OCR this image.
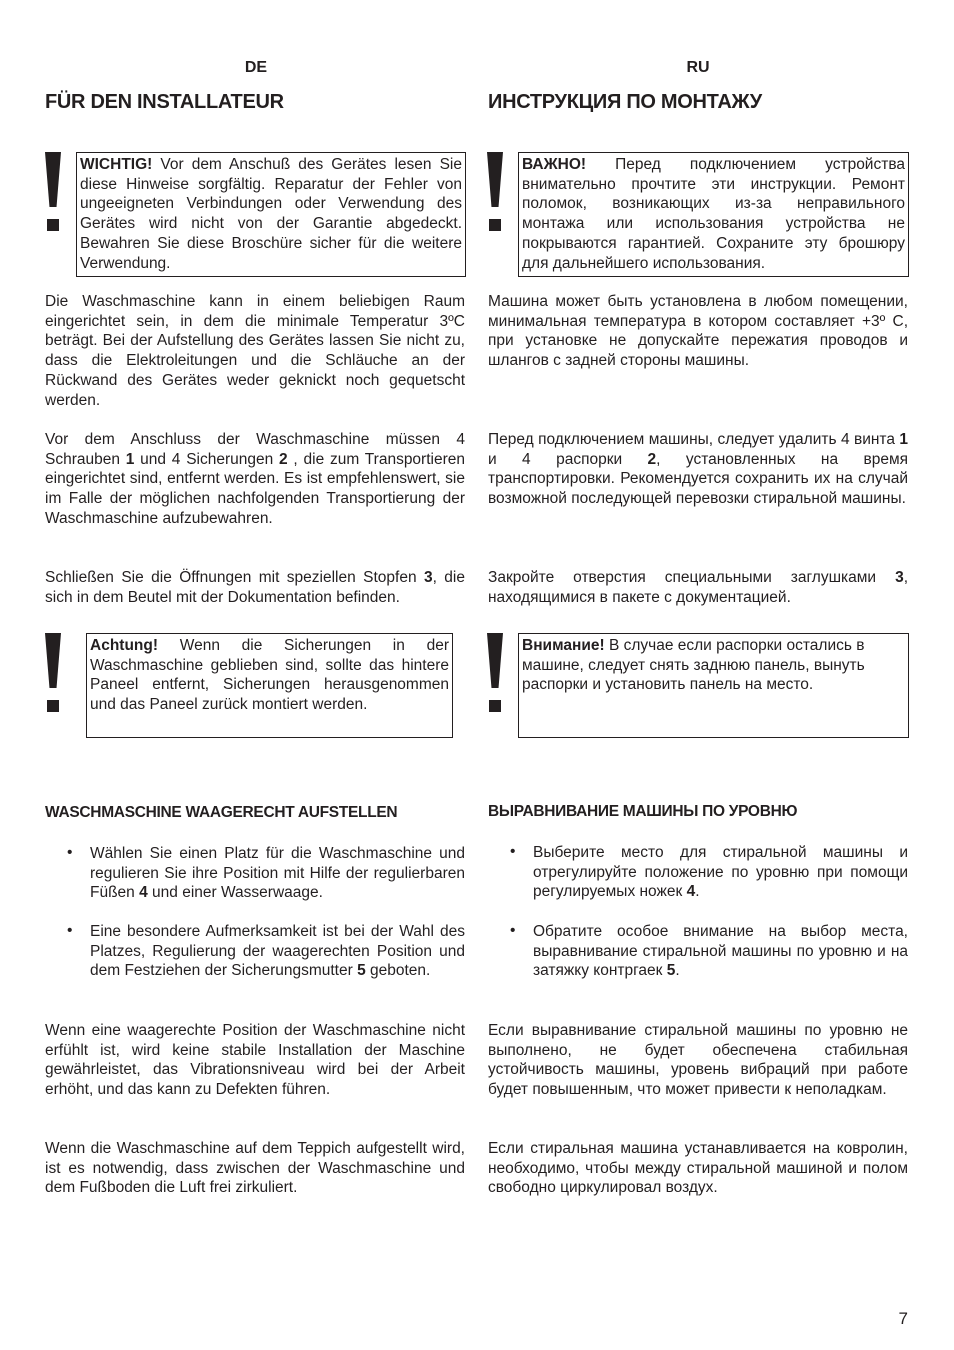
DE	RU
FÜR DEN INSTALLATEUR	ИНСТРУКЦИЯ ПО МОНТАЖУ
WICHTIG! Vor dem Anschuß des Gerätes lesen Sie diese Hinweise sorgfältig. Reparatur der Fehler von ungeeigneten Verbindungen oder Verwendung des Gerätes wird nicht von der Garantie abgedeckt. Bewahren Sie diese Broschüre sicher für die weitere Verwendung.
ВАЖНО! Перед подключением устройства внимательно прочтите эти инструкции. Ремонт поломок, возникающих из-за неправильного монтажа или использования устройства не покрываются гарантией. Сохраните эту брошюру для дальнейшего использования.
Die Waschmaschine kann in einem beliebigen Raum eingerichtet sein, in dem die minimale Temperatur 3ºC beträgt. Bei der Aufstellung des Gerätes lassen Sie nicht zu, dass die Elektroleitungen und die Schläuche an der Rückwand des Gerätes weder geknickt noch gequetscht werden.
Машина может быть установлена в любом помещении, минимальная температура в котором составляет +3º С, при установке не допускайте пережатия проводов и шлангов с задней стороны машины.
Vor dem Anschluss der Waschmaschine müssen 4 Schrauben 1 und 4 Sicherungen 2 , die zum Transportieren eingerichtet sind, entfernt werden. Es ist empfehlenswert, sie im Falle der möglichen nachfolgenden Transportierung der Waschmaschine aufzubewahren.
Перед подключением машины, следует удалить 4 винта 1 и 4 распорки 2, установленных на время транспортировки. Рекомендуется сохранить их на случай возможной последующей перевозки стиральной машины.
Schließen Sie die Öffnungen mit speziellen Stopfen 3, die sich in dem Beutel mit der Dokumentation befinden.
Закройте отверстия специальными заглушками 3, находящимися в пакете с документацией.
Achtung! Wenn die Sicherungen in der Waschmaschine geblieben sind, sollte das hintere Paneel entfernt, Sicherungen herausgenommen und das Paneel zurück montiert werden.
Внимание! В случае если распорки остались в машине, следует снять заднюю панель, вынуть распорки и установить панель на место.
WASCHMASCHINE WAAGERECHT AUFSTELLEN	ВЫРАВНИВАНИЕ МАШИНЫ ПО УРОВНЮ
• Wählen Sie einen Platz für die Waschmaschine und regulieren Sie ihre Position mit Hilfe der regulierbaren Füßen 4 und einer Wasserwaage.
• Eine besondere Aufmerksamkeit ist bei der Wahl des Platzes, Regulierung der waagerechten Position und dem Festziehen der Sicherungsmutter 5 geboten.
• Выберите место для стиральной машины и отрегулируйте положение по уровню при помощи регулируемых ножек 4.
• Обратите особое внимание на выбор места, выравнивание стиральной машины по уровню и на затяжку контргаек 5.
Wenn eine waagerechte Position der Waschmaschine nicht erfühlt ist, wird keine stabile Installation der Maschine gewährleistet, das Vibrationsniveau wird bei der Arbeit erhöht, und das kann zu Defekten führen.
Если выравнивание стиральной машины по уровню не выполнено, не будет обеспечена стабильная устойчивость машины, уровень вибраций при работе будет повышенным, что может привести к неполадкам.
Wenn die Waschmaschine auf dem Teppich aufgestellt wird, ist es notwendig, dass zwischen der Waschmaschine und dem Fußboden die Luft frei zirkuliert.
Если стиральная машина устанавливается на ковролин, необходимо, чтобы между стиральной машиной и полом свободно циркулировал воздух.
7
